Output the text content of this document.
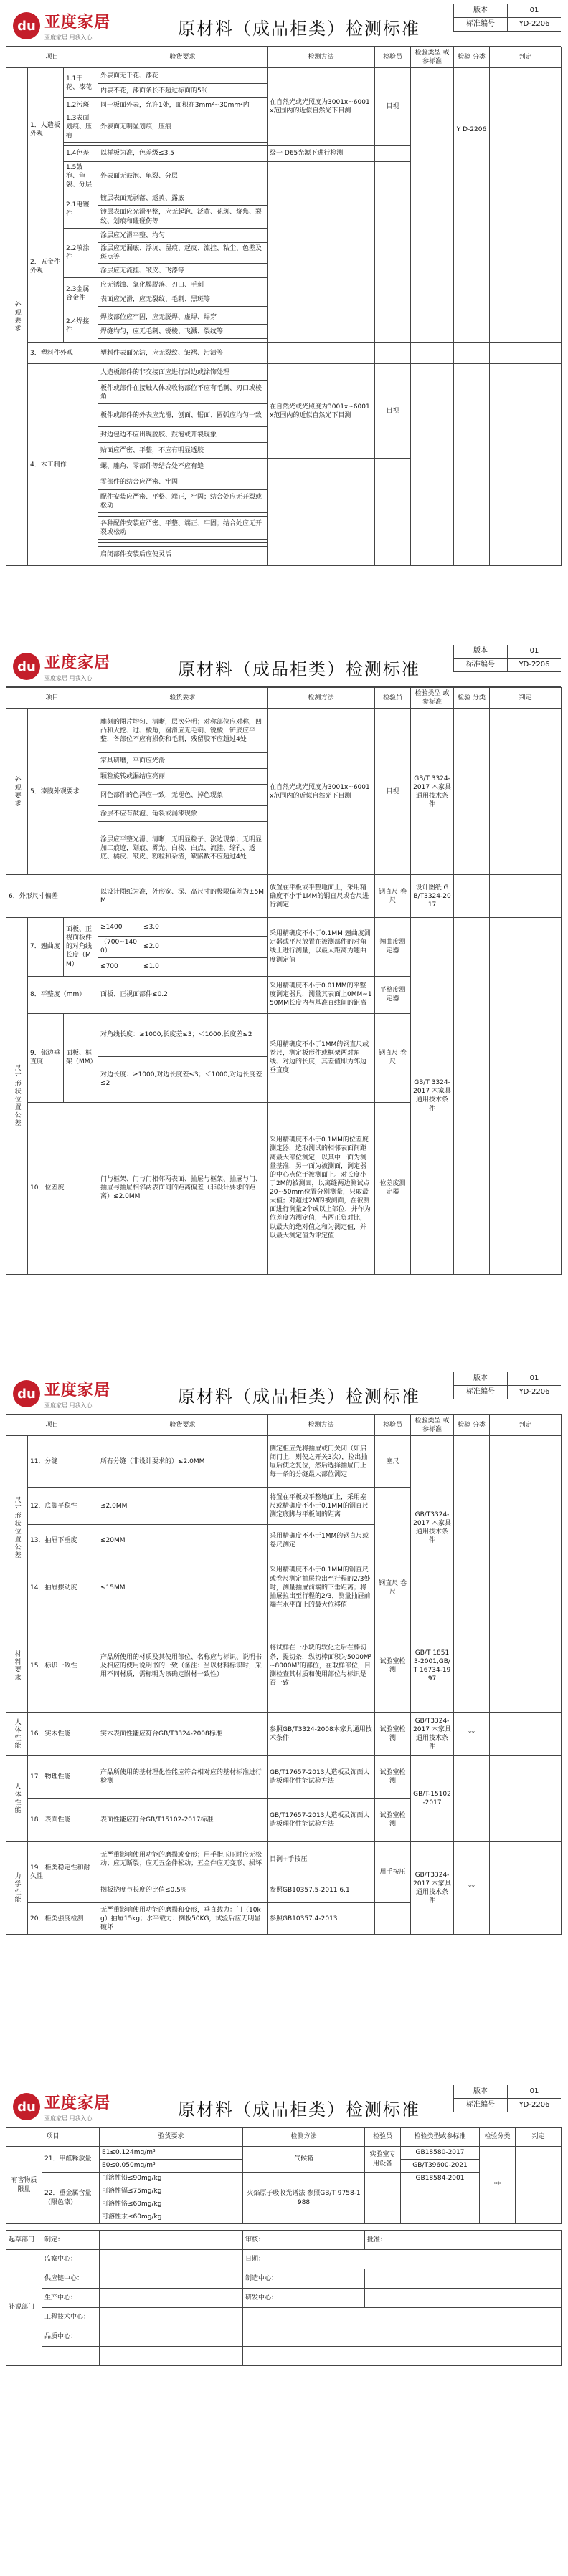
du 亚度家居
亚度家居 用我入心	原材料（成品柜类）检测标准
版本	01
标准编号	YD-2206
项目			验货要求	检测方法	检验员	检验类型 或参标准	检验 分类	判定
外观要求	1．人造板外观	1.1干花、漆花	外表面无干花、漆花	在自然光或光照度为3001x~6001x范围内的近似自然光下目测	目视		Y D-2206	
			内表不花，漆面条长不超过标面的5％					
		1.2污斑	同一板面外表，允许1处，面积在3mm²~30mm²内					
		1.3表面划痕、压痕	外表面无明显划痕，压痕					

		1.4色差	以样板为准，色差级≤3.5	级一 D65光源下进行检测				
		1.5鼓泡、龟裂、分层	外表面无鼓泡、龟裂、分层					
	2．五金件外观	2.1电镀件	镀层表面无剥落、返黄、露底					
			镀层表面应光滑平整，应无起泡、泛黄、花斑、烧焦、裂纹、划痕和磕碰伤等					
		2.2喷涂件	涂层应光滑平整、均匀					
			涂层应无漏底、浮坑、留痕、起皮、流挂、粘尘、色差及斑点等					
			涂层应无流挂、皱皮、飞漆等					
		2.3金属合金件	应无锈蚀、氧化膜脱落、刃口、毛刺					
			表面应光滑，应无裂纹、毛刺、黑斑等					

		2.4焊接件	焊接部位应牢固，应无脱焊、虚焊、焊穿					
			焊缝均匀，应无毛刺、锐棱、飞溅、裂纹等					

	3．塑料件外观		塑料件表面光洁，应无裂纹、皱褶、污渍等					
	4．木工制作		人造板部件的非交接面应进行封边或涂饰处理	在自然光或光照度为3001x~6001x范围内的近似自然光下目测	目视			
			板件或部件在接触人体或收物部位不应有毛刺、刃口或棱角					
			板件或部件的外表应光滑，刨面、锯面、圆弧应均匀一致					
			封边包边不应出现脱胶、鼓泡或开裂现象					
			贴面应严密、平整，不应有明显透胶					
			螺、雕角、零部件等结合处不应有缝					
			零部件的结合应严密、牢固					
			配件安装应严密、平整、端正，牢固；结合处应无开裂或松动					

			各种配件安装应严密、平整、端正、牢固；结合处应无开裂或松动					

			启闭部件安装后应使灵活					

du 亚度家居
亚度家居 用我入心	原材料（成品柜类）检测标准
版本	01
标准编号	YD-2206
项目			验货要求		检测方法	检验员	检验类型 或参标准	检验 分类	判定
外观要求	5．漆膜外观要求		雕刻的图片均匀、清晰，层次分明；对称部位应对称，凹凸和大挖、过、棱角，圆滑应无毛刺、锐棱，铲底应平整，各部位不应有损伤和毛刺，残留胶不应超过4处		在自然光或光照度为3001x~6001x范围内的近似自然光下目测	目视	GB/T 3324-2017 木家具通用技术条件		
			家具研磨，平面应光滑						
			颗粒旋转或漏结应亮丽						
			网色部件的色泽应一致，无褪色、掉色现象						
			涂层不应有鼓泡、龟裂或漏漆现象						
			涂层应平整光滑、清晰，无明显粒子、涨边现象；无明显加工痕迹，划痕、雾光、白棱、白点、流挂、缩孔、透底、橘皮、皱皮、粉粒和杂渣，缺陷数不应超过4处						
6．外形尺寸偏差			以设计图纸为准，外形宽、深、高尺寸的极限偏差为±5MM		放置在平板或平整地面上，采用精确度不小于1MM的钢直尺或卷尺进行测定	钢直尺 卷尺	设计图纸 GB/T3324-2017		
尺寸形状位置公差	7．翘曲度	面板、正视面板件的对角线长度（MM）	≥1400	≤3.0	采用精确度不小于0.1MM 翘曲度测定器或平尺放置在被测部件的对角线上进行测量，以最大距离为翘曲度测定值	翘曲度测定器	GB/T 3324-2017 木家具通用技术条件		
			（700~1400）	≤2.0					
			≤700	≤1.0					
	8．平整度（mm）		面板、正视面部件≤0.2		采用精确度不小于0.01MM的平整度测定器具，测量其表面上0MM~150MM长度内与基准直线间的距离	平整度测定器			
	9．邻边垂直度	面板、框架（MM）	对角线长度：≥1000,长度差≤3；＜1000,长度差≤2		采用精确度不小于1MM的钢直尺或卷尺，测定板形件或框架两对角线、对边的长度，其差值即为邻边垂直度	钢直尺 卷尺			
			对边长度：≥1000,对边长度差≤3；＜1000,对边长度差≤2						
	10．位差度		门与框架、门与门相邻两表面、抽屉与框架、抽屉与门、抽屉与抽屉相邻两表面间的距离偏差（非设计要求的距离）≤2.0MM		采用精确度不小于0.1MM的位差度测定器，选取测试的相邻表面间距离最大部位测定，以其中一面为测量基准，另一面为被测面，测定器的中心点位于被测面上。对长度小于2M的被测面，以离缝两边测试点20~50mm位置分别测量，只取最大值；对超过2M的被测面，在被测面进行测量2个或以上部位，并作为位差度为测定值，当两正负对比，以最大的绝对值之和为测定值，并以最大测定值为评定值	位差度测定器			

du 亚度家居
亚度家居 用我入心	原材料（成品柜类）检测标准
版本	01
标准编号	YD-2206
项目		验货要求	检测方法	检验员	检验类型 或参标准	检验 分类	判定
尺寸形状位置公差	11．分缝	所有分缝（非设计要求的）≤2.0MM	侧定柜应先将抽屉或门关闭（如启闭门上，则使之开关3次），拉出抽屉后使之复位，然后选择抽屉门上每一条的分缝最大部位测定	塞尺	GB/T3324-2017 木家具通用技术条件		
	12．底脚平稳性	≤2.0MM	将置在平板或平整地面上，采用塞尺或精确度不小于0.1MM的钢直尺测定底脚与平板间的距离				
	13．抽屉下垂度	≤20MM	采用精确度不小于1MM的钢直尺或卷尺测定				
	14．抽屉摆动度	≤15MM	采用精确度不小于0.1MM的钢直尺或卷尺测定抽屉拉出至行程的2/3处时，测量抽屉前端的下垂距离；将抽屉拉出至行程的2/3，测量抽屉前端在水平面上的最大位移值	钢直尺 卷尺			

材料要求	15．标识一致性	产品所使用的材质及其使用部位、名称应与标识、说明书及相应的使用说明书的一致（备注：当以材料标识时，采用不同材质，需标明为该确定附材一致性）	将试样在一小块的软化之后在棒切条，提切条，纵切棒面积为5000M²~8000M²的部位，在取样部位，目测检查其材质和使用部位与标识是否一致	试验室检测	GB/T 18513-2001,GB/T 16734-1997		
人体性能	16．实木性能	实木表面性能应符合GB/T3324-2008标准	参照GB/T3324-2008木家具通用技术条件	试验室检测	GB/T3324-2017 木家具通用技术条件	**	
人体性能	17．物理性能	产品所使用的基材理化性能应符合相对应的基材标准进行检测	GB/T17657-2013人造板及饰面人造板理化性能试验方法	试验室检测	GB/T-15102-2017		
	18．表面性能	表面性能应符合GB/T15102-2017标准	GB/T17657-2013人造板及饰面人造板理化性能试验方法	试验室检测			
力学性能	19．柜类稳定性和耐久性	无严重影响使用功能的磨损或变形；用手指压压时应无松动；应无断裂；应无五金件松动；五金件应无变形、损坏	目测+手按压	用手按压	GB/T3324-2017 木家具通用技术条件	**	
		搁板挠度与长度的比值≤0.5％	参照GB10357.5-2011 6.1				
	20．柜类强度检测	无严重影响使用功能的磨损和变形，垂直载力：门（10kg）抽屉15kg；水平载力：搁板50KG，试验后应无明显破坏	参照GB10357.4-2013				
du 亚度家居
亚度家居 用我入心	原材料（成品柜类）检测标准
版本	01
标准编号	YD-2206
项目		验货要求	检测方法	检验员	检验类型或参标准	检验分类	判定
有害物质限量	21．甲醛释放量	E1≤0.124mg/m³	气候箱	实验室专用设备	GB18580-2017	**	
		E0≤0.050mg/m³			GB/T39600-2021		
	22．重金属含量（限色漆）	可溶性铅≤90mg/kg	火焰原子吸收光谱法 参照GB/T 9758-1988		GB18584-2001		
		可溶性镉≤75mg/kg					
		可溶性铬≤60mg/kg					
		可溶性汞≤60mg/kg					
起草部门	制定：		审核：	批准：
补说部门	监察中心：		日期：	
	供应链中心：		制造中心：	
	生产中心：		研发中心：	
	工程技术中心：			
	品质中心：			
